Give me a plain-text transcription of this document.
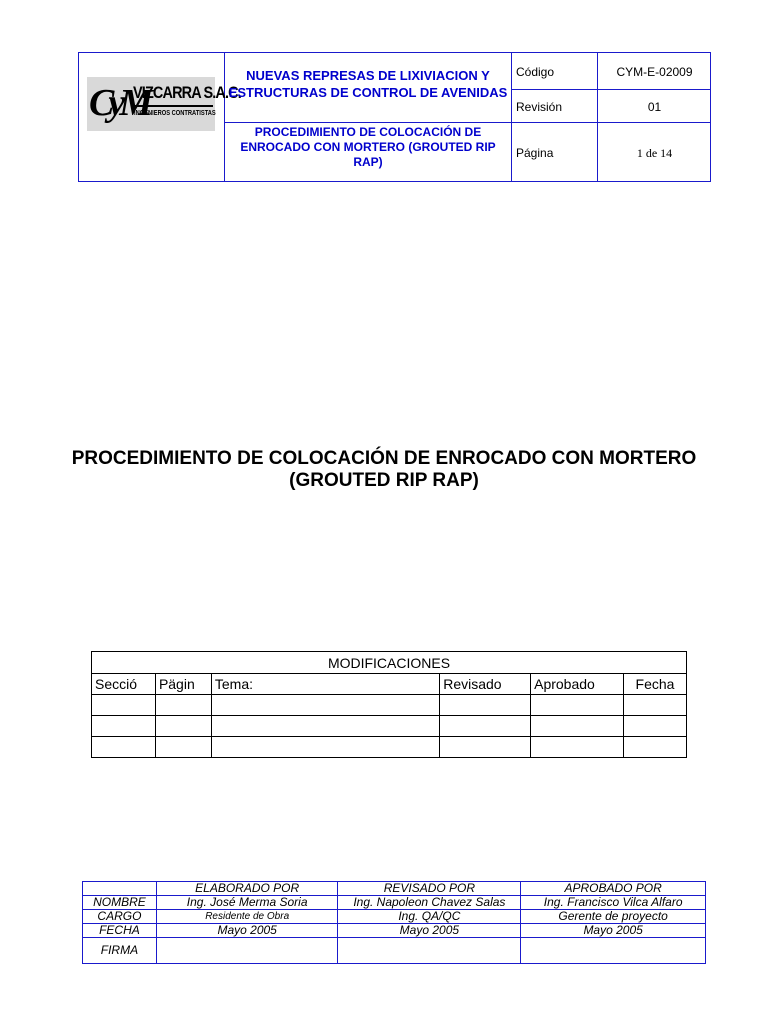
CyM
VIZCARRA S.A.C.
INGENIEROS CONTRATISTAS
NUEVAS REPRESAS DE LIXIVIACION Y ESTRUCTURAS DE CONTROL DE AVENIDAS
PROCEDIMIENTO DE COLOCACIÓN DE ENROCADO CON MORTERO (GROUTED RIP RAP)
Código	CYM-E-02009
Revisión	01
Página	1 de 14
PROCEDIMIENTO DE COLOCACIÓN DE ENROCADO CON MORTERO (GROUTED RIP RAP)
MODIFICACIONES					
Secció	Pägin	Tema:	Revisado	Aprobado	Fecha

	ELABORADO POR	REVISADO POR	APROBADO POR
NOMBRE	Ing. José Merma Soria	Ing. Napoleon Chavez Salas	Ing. Francisco Vilca Alfaro
CARGO	Residente de Obra	Ing. QA/QC	Gerente de proyecto
FECHA	Mayo 2005	Mayo 2005	Mayo 2005
FIRMA			
